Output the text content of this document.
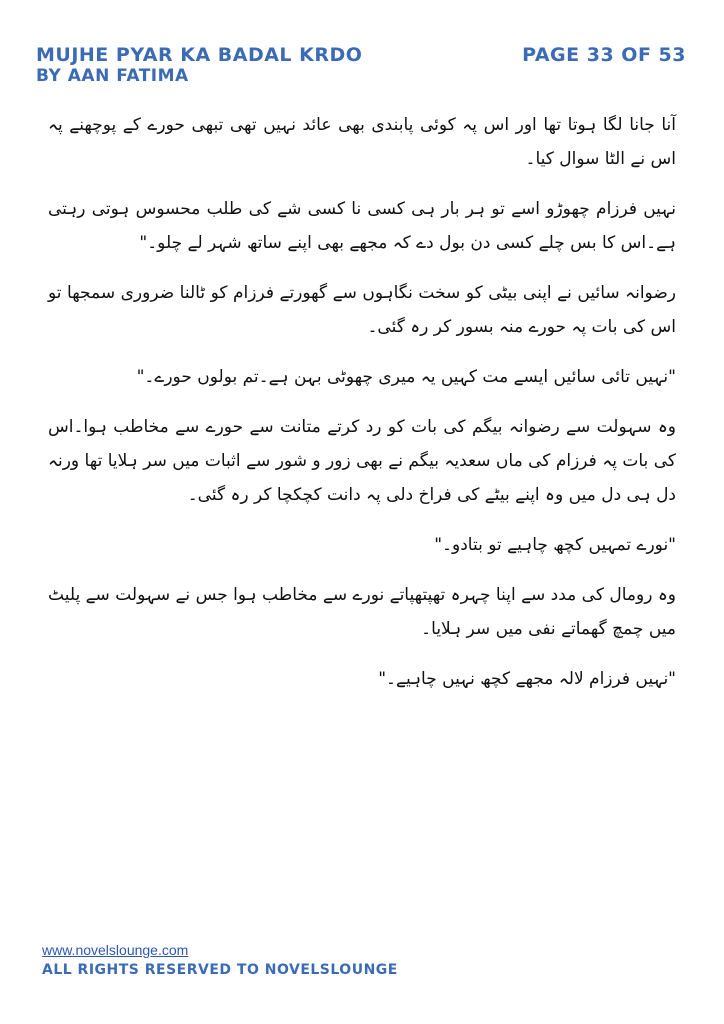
MUJHE PYAR KA BADAL KRDO	PAGE 33 OF 53
BY AAN FATIMA

آنا جانا لگا ہوتا تھا اور اس پہ کوئی پابندی بھی عائد نہیں تھی تبھی حورے کے پوچھنے پہ اس نے الٹا سوال کیا۔

نہیں فرزام چھوڑو اسے تو ہر بار ہی کسی نا کسی شے کی طلب محسوس ہوتی رہتی ہے۔اس کا بس چلے کسی دن بول دے کہ مجھے بھی اپنے ساتھ شہر لے چلو۔"

رضوانہ سائیں نے اپنی بیٹی کو سخت نگاہوں سے گھورتے فرزام کو ٹالنا ضروری سمجھا تو اس کی بات پہ حورے منہ بسور کر رہ گئی۔

"نہیں تائی سائیں ایسے مت کہیں یہ میری چھوٹی بہن ہے۔تم بولوں حورے۔"

وہ سہولت سے رضوانہ بیگم کی بات کو رد کرتے متانت سے حورے سے مخاطب ہوا۔اس کی بات پہ فرزام کی ماں سعدیہ بیگم نے بھی زور و شور سے اثبات میں سر ہلایا تھا ورنہ دل ہی دل میں وہ اپنے بیٹے کی فراخ دلی پہ دانت کچکچا کر رہ گئی۔

"نورے تمہیں کچھ چاہیے تو بتادو۔"

وہ رومال کی مدد سے اپنا چہرہ تھپتھپاتے نورے سے مخاطب ہوا جس نے سہولت سے پلیٹ میں چمچ گھماتے نفی میں سر ہلایا۔

"نہیں فرزام لالہ مجھے کچھ نہیں چاہیے۔"

www.novelslounge.com
ALL RIGHTS RESERVED TO NOVELSLOUNGE
